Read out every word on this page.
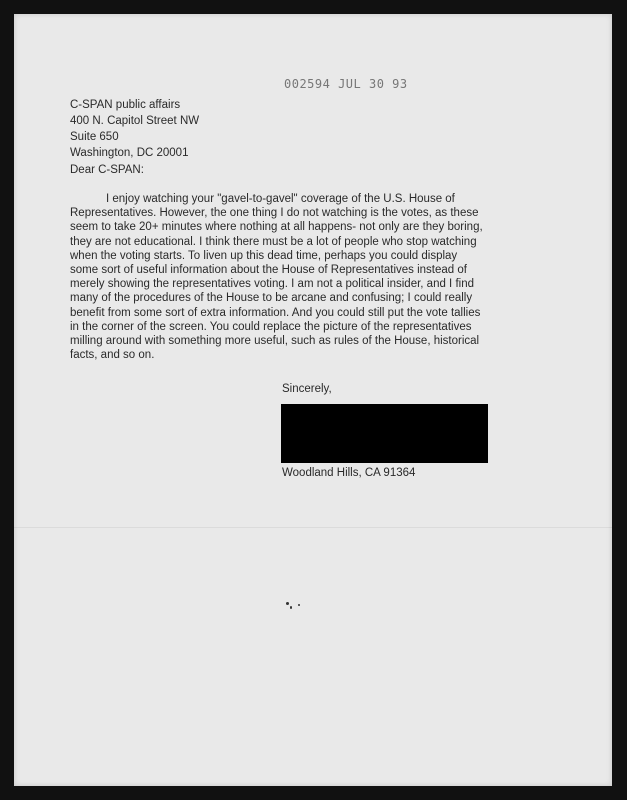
002594 JUL 30 93
C-SPAN public affairs
400 N. Capitol Street NW
Suite 650
Washington, DC 20001
Dear C-SPAN:
I enjoy watching your "gavel-to-gavel" coverage of the U.S. House of
Representatives. However, the one thing I do not watching is the votes, as these
seem to take 20+ minutes where nothing at all happens- not only are they boring,
they are not educational. I think there must be a lot of people who stop watching
when the voting starts. To liven up this dead time, perhaps you could display
some sort of useful information about the House of Representatives instead of
merely showing the representatives voting. I am not a political insider, and I find
many of the procedures of the House to be arcane and confusing; I could really
benefit from some sort of extra information. And you could still put the vote tallies
in the corner of the screen. You could replace the picture of the representatives
milling around with something more useful, such as rules of the House, historical
facts, and so on.
Sincerely,
Woodland Hills, CA 91364
